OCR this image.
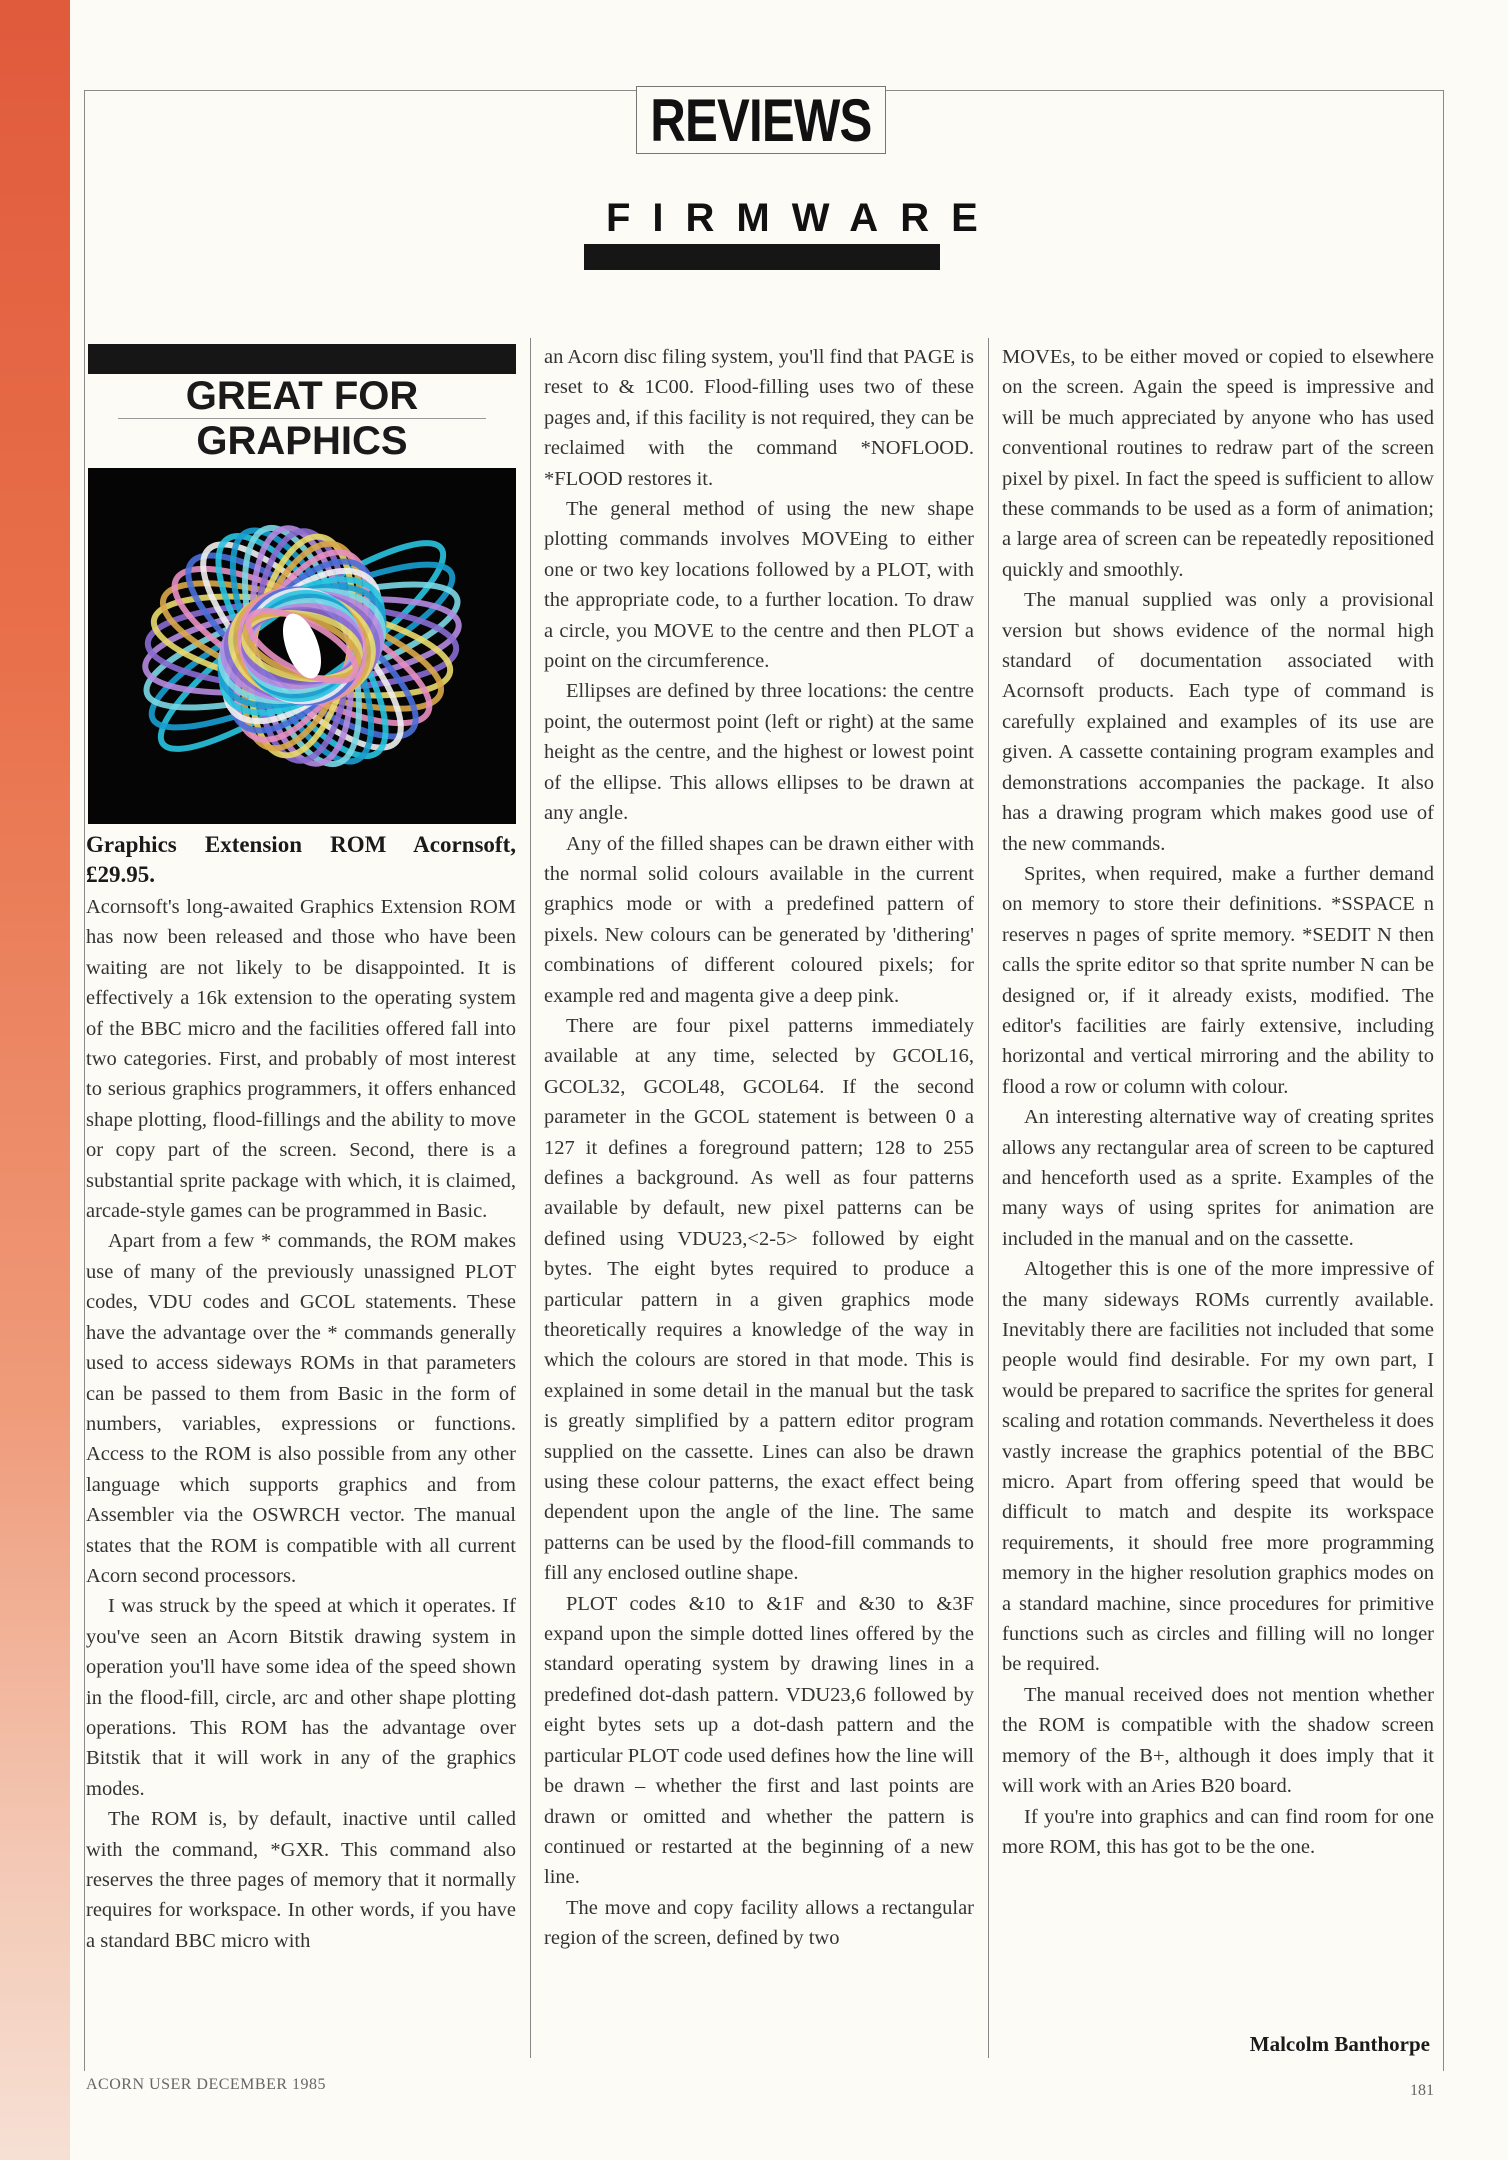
REVIEWS
FIRMWARE
GREAT FOR
GRAPHICS
Graphics Extension ROM Acornsoft, £29.95.

Acornsoft's long-awaited Graphics Extension ROM has now been released and those who have been waiting are not likely to be disappointed. It is effectively a 16k extension to the operating system of the BBC micro and the facilities offered fall into two categories. First, and probably of most interest to serious graphics programmers, it offers enhanced shape plotting, flood-fillings and the ability to move or copy part of the screen. Second, there is a substantial sprite package with which, it is claimed, arcade-style games can be programmed in Basic.

Apart from a few * commands, the ROM makes use of many of the previously unassigned PLOT codes, VDU codes and GCOL statements. These have the advantage over the * commands generally used to access sideways ROMs in that parameters can be passed to them from Basic in the form of numbers, variables, expressions or functions. Access to the ROM is also possible from any other language which supports graphics and from Assembler via the OSWRCH vector. The manual states that the ROM is compatible with all current Acorn second processors.

I was struck by the speed at which it operates. If you've seen an Acorn Bitstik drawing system in operation you'll have some idea of the speed shown in the flood-fill, circle, arc and other shape plotting operations. This ROM has the advantage over Bitstik that it will work in any of the graphics modes.

The ROM is, by default, inactive until called with the command, *GXR. This command also reserves the three pages of memory that it normally requires for workspace. In other words, if you have a standard BBC micro with

an Acorn disc filing system, you'll find that PAGE is reset to & 1C00. Flood-filling uses two of these pages and, if this facility is not required, they can be reclaimed with the command *NOFLOOD. *FLOOD restores it.

The general method of using the new shape plotting commands involves MOVEing to either one or two key locations followed by a PLOT, with the appropriate code, to a further location. To draw a circle, you MOVE to the centre and then PLOT a point on the circumference.

Ellipses are defined by three locations: the centre point, the outermost point (left or right) at the same height as the centre, and the highest or lowest point of the ellipse. This allows ellipses to be drawn at any angle.

Any of the filled shapes can be drawn either with the normal solid colours available in the current graphics mode or with a predefined pattern of pixels. New colours can be generated by 'dithering' combinations of different coloured pixels; for example red and magenta give a deep pink.

There are four pixel patterns immediately available at any time, selected by GCOL16, GCOL32, GCOL48, GCOL64. If the second parameter in the GCOL statement is between 0 a 127 it defines a foreground pattern; 128 to 255 defines a background. As well as four patterns available by default, new pixel patterns can be defined using VDU23,<2-5> followed by eight bytes. The eight bytes required to produce a particular pattern in a given graphics mode theoretically requires a knowledge of the way in which the colours are stored in that mode. This is explained in some detail in the manual but the task is greatly simplified by a pattern editor program supplied on the cassette. Lines can also be drawn using these colour patterns, the exact effect being dependent upon the angle of the line. The same patterns can be used by the flood-fill commands to fill any enclosed outline shape.

PLOT codes &10 to &1F and &30 to &3F expand upon the simple dotted lines offered by the standard operating system by drawing lines in a predefined dot-dash pattern. VDU23,6 followed by eight bytes sets up a dot-dash pattern and the particular PLOT code used defines how the line will be drawn – whether the first and last points are drawn or omitted and whether the pattern is continued or restarted at the beginning of a new line.

The move and copy facility allows a rectangular region of the screen, defined by two

MOVEs, to be either moved or copied to elsewhere on the screen. Again the speed is impressive and will be much appreciated by anyone who has used conventional routines to redraw part of the screen pixel by pixel. In fact the speed is sufficient to allow these commands to be used as a form of animation; a large area of screen can be repeatedly repositioned quickly and smoothly.

The manual supplied was only a provisional version but shows evidence of the normal high standard of documentation associated with Acornsoft products. Each type of command is carefully explained and examples of its use are given. A cassette containing program examples and demonstrations accompanies the package. It also has a drawing program which makes good use of the new commands.

Sprites, when required, make a further demand on memory to store their definitions. *SSPACE n reserves n pages of sprite memory. *SEDIT N then calls the sprite editor so that sprite number N can be designed or, if it already exists, modified. The editor's facilities are fairly extensive, including horizontal and vertical mirroring and the ability to flood a row or column with colour.

An interesting alternative way of creating sprites allows any rectangular area of screen to be captured and henceforth used as a sprite. Examples of the many ways of using sprites for animation are included in the manual and on the cassette.

Altogether this is one of the more impressive of the many sideways ROMs currently available. Inevitably there are facilities not included that some people would find desirable. For my own part, I would be prepared to sacrifice the sprites for general scaling and rotation commands. Nevertheless it does vastly increase the graphics potential of the BBC micro. Apart from offering speed that would be difficult to match and despite its workspace requirements, it should free more programming memory in the higher resolution graphics modes on a standard machine, since procedures for primitive functions such as circles and filling will no longer be required.

The manual received does not mention whether the ROM is compatible with the shadow screen memory of the B+, although it does imply that it will work with an Aries B20 board.

If you're into graphics and can find room for one more ROM, this has got to be the one.

Malcolm Banthorpe
ACORN USER DECEMBER 1985	181
